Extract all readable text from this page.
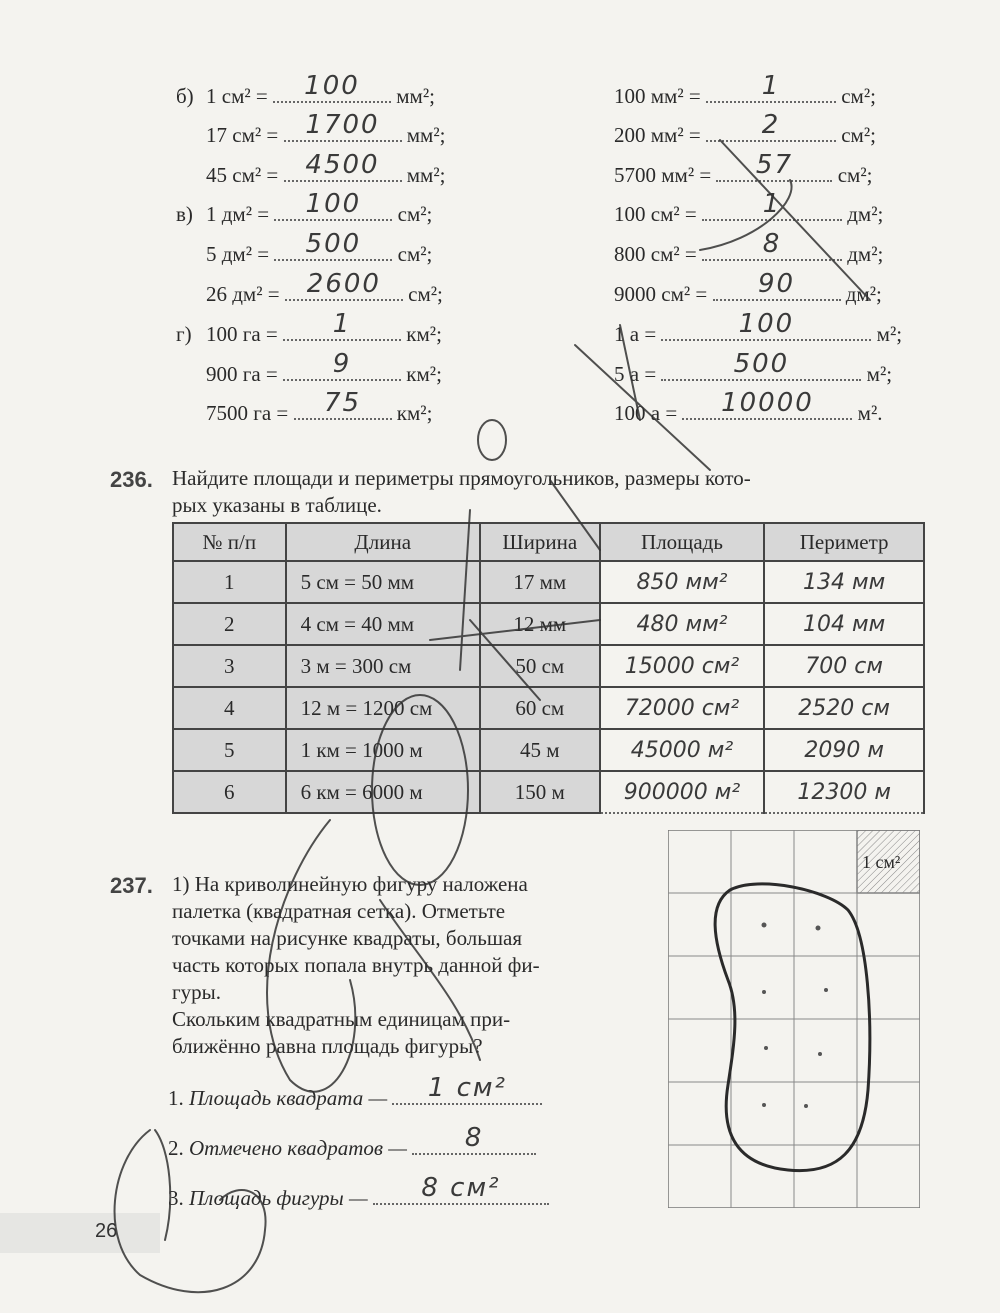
б) 1 см² =	100	мм²;
17 см² =	1700	мм²;
45 см² =	4500	мм²;
в) 1 дм² =	100	см²;
5 дм² =	500	см²;
26 дм² =	2600	см²;
г) 100 га =	1	км²;
900 га =	9	км²;
7500 га =	75	км²;
100 мм² =	1	см²;
200 мм² =	2	см²;
5700 мм² =	57	см²;
100 см² =	1	дм²;
800 см² =	8	дм²;
9000 см² =	90	дм²;
1 а =	100	м²;
5 а =	500	м²;
100 а =	10000	м².
236. Найдите площади и периметры прямоугольников, размеры кото-
рых указаны в таблице.
№ п/п	Длина	Ширина	Площадь	Периметр
1	5 см = 50 мм	17 мм	850 мм²	134 мм
2	4 см = 40 мм	12 мм	480 мм²	104 мм
3	3 м = 300 см	50 см	15000 см²	700 см
4	12 м = 1200 см	60 см	72000 см²	2520 см
5	1 км = 1000 м	45 м	45000 м²	2090 м
6	6 км = 6000 м	150 м	900000 м²	12300 м
237. 1) На криволинейную фигуру наложена
палетка (квадратная сетка). Отметьте
точками на рисунке квадраты, большая
часть которых попала внутрь данной фи-
гуры.
Скольким квадратным единицам при-
ближённо равна площадь фигуры?
1. Площадь квадрата —	1 см²
2. Отмечено квадратов —	8
3. Площадь фигуры —	8 см²
1 см²
26
